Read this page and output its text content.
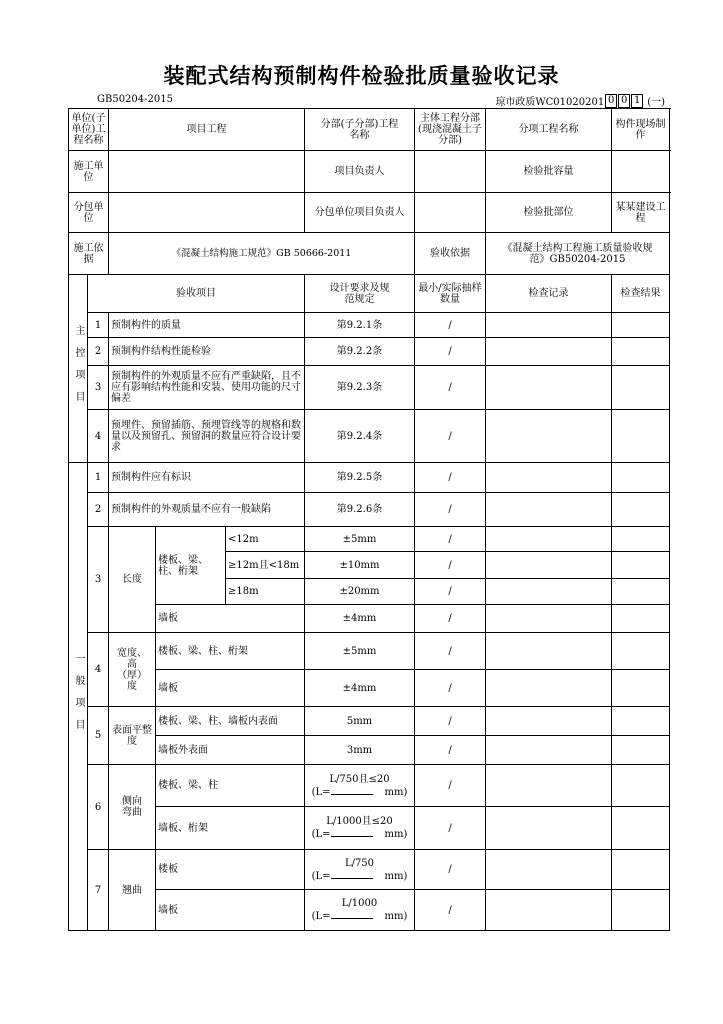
装配式结构预制构件检验批质量验收记录
GB50204-2015	琼市政质WC01020201 0 0 1 (一)
单位(子单位)工程名称		项目工程			分部(子分部)工程名称	主体工程分部(现浇混凝土子分部)	分项工程名称	构件现场制作
施工单位					项目负责人		检验批容量	
分包单位					分包单位项目负责人		检验批部位	某某建设工程
施工依据		《混凝土结构施工规范》GB 50666-2011				验收依据	《混凝土结构工程施工质量验收规范》GB50204-2015	
主控项目	验收项目				设计要求及规范规定	最小/实际抽样数量	检查记录	检查结果
	1	预制构件的质量			第9.2.1条	/		
	2	预制构件结构性能检验			第9.2.2条	/		
	3	预制构件的外观质量不应有严重缺陷，且不应有影响结构性能和安装、使用功能的尺寸偏差			第9.2.3条	/		
	4	预埋件、预留插筋、预埋管线等的规格和数量以及预留孔、预留洞的数量应符合设计要求			第9.2.4条	/		
一般项目	1	预制构件应有标识			第9.2.5条	/		
	2	预制构件的外观质量不应有一般缺陷			第9.2.6条	/		
	3	长度	楼板、梁、柱、桁架	<12m	±5mm	/		
				≥12m且<18m	±10mm	/		
				≥18m	±20mm	/		
			墙板		±4mm	/		
	4	宽度、高（厚）度	楼板、梁、柱、桁架		±5mm	/		
			墙板		±4mm	/		
	5	表面平整度	楼板、梁、柱、墙板内表面		5mm	/		
			墙板外表面		3mm	/		
	6	侧向弯曲	楼板、梁、柱		L/750且≤20
(L= mm)	/		
			墙板、桁架		L/1000且≤20
(L= mm)	/		
	7	翘曲	楼板		L/750
(L= mm)	/		
			墙板		L/1000
(L= mm)	/		
